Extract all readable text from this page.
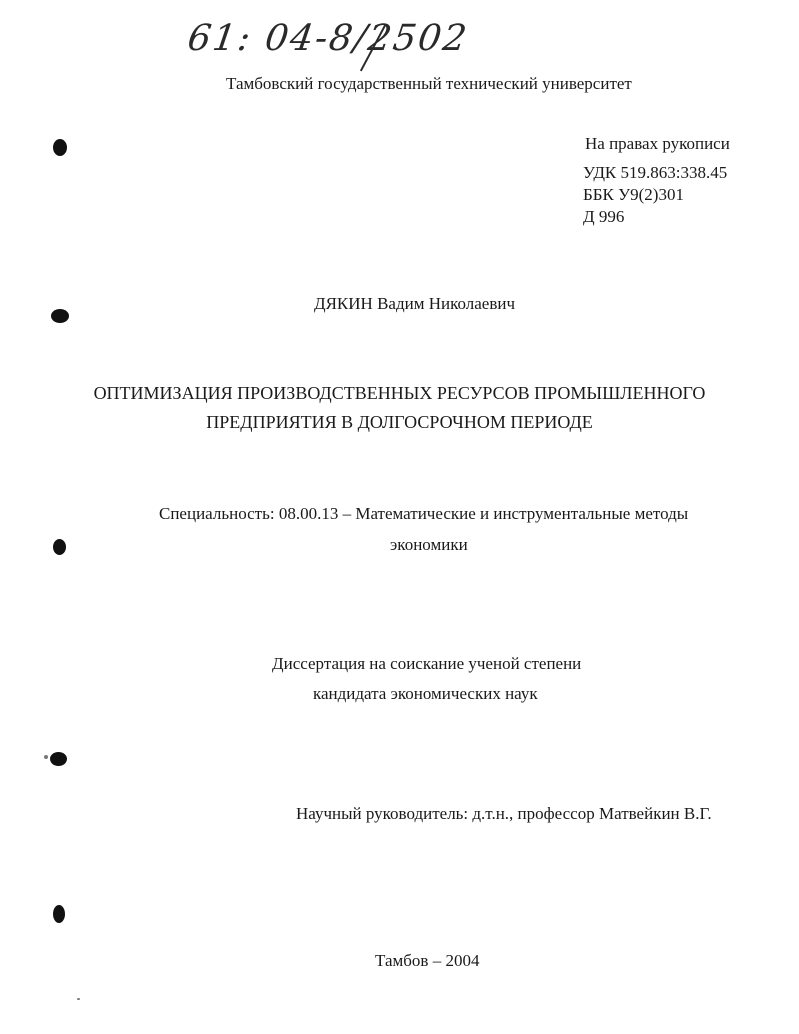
61: 04-8/2502
Тамбовский государственный технический университет
На правах рукописи
УДК 519.863:338.45
ББК У9(2)301
Д 996
ДЯКИН Вадим Николаевич
ОПТИМИЗАЦИЯ ПРОИЗВОДСТВЕННЫХ РЕСУРСОВ ПРОМЫШЛЕННОГО
ПРЕДПРИЯТИЯ В ДОЛГОСРОЧНОМ ПЕРИОДЕ
Специальность: 08.00.13 – Математические и инструментальные методы
экономики
Диссертация на соискание ученой степени
кандидата экономических наук
Научный руководитель: д.т.н., профессор Матвейкин В.Г.
Тамбов – 2004
